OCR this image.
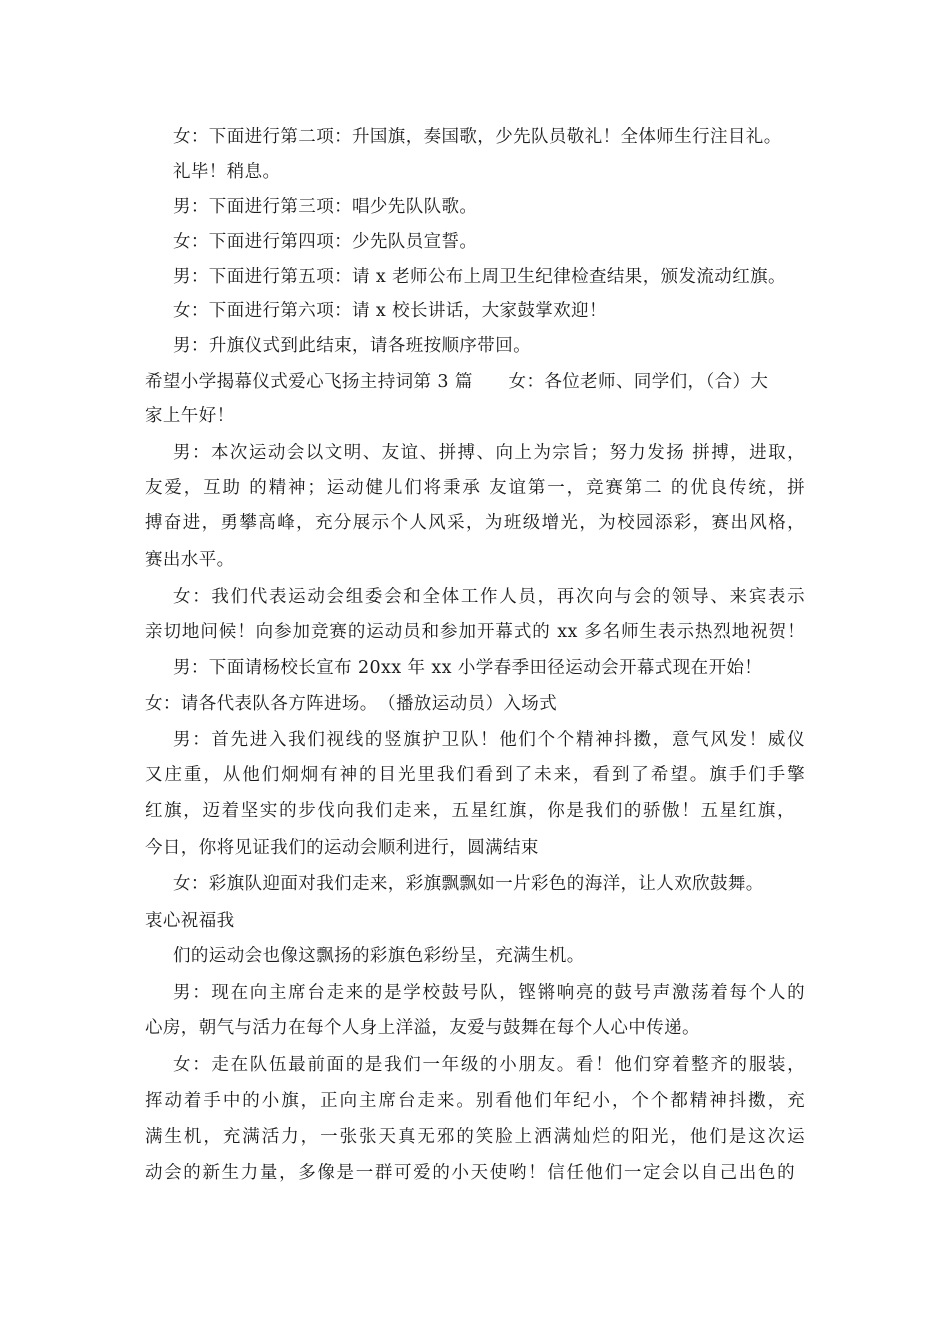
女：下面进行第二项：升国旗，奏国歌，少先队员敬礼！全体师生行注目礼。
礼毕！稍息。
男：下面进行第三项：唱少先队队歌。
女：下面进行第四项：少先队员宣誓。
男：下面进行第五项：请 x 老师公布上周卫生纪律检查结果，颁发流动红旗。
女：下面进行第六项：请 x 校长讲话，大家鼓掌欢迎！
男：升旗仪式到此结束，请各班按顺序带回。
希望小学揭幕仪式爱心飞扬主持词第 3 篇　　女：各位老师、同学们，（合）大
家上午好！
男：本次运动会以文明、友谊、拼搏、向上为宗旨；努力发扬 拼搏，进取，
友爱，互助 的精神；运动健儿们将秉承 友谊第一，竞赛第二 的优良传统，拼
搏奋进，勇攀高峰，充分展示个人风采，为班级增光，为校园添彩，赛出风格，
赛出水平。
女：我们代表运动会组委会和全体工作人员，再次向与会的领导、来宾表示
亲切地问候！向参加竞赛的运动员和参加开幕式的 xx 多名师生表示热烈地祝贺！
男：下面请杨校长宣布 20xx 年 xx 小学春季田径运动会开幕式现在开始！
女：请各代表队各方阵进场。　（播放运动员）入场式
男：首先进入我们视线的竖旗护卫队！他们个个精神抖擞，意气风发！威仪
又庄重，从他们炯炯有神的目光里我们看到了未来，看到了希望。旗手们手擎
红旗，迈着坚实的步伐向我们走来，五星红旗，你是我们的骄傲！五星红旗，
今日，你将见证我们的运动会顺利进行，圆满结束
女：彩旗队迎面对我们走来，彩旗飘飘如一片彩色的海洋，让人欢欣鼓舞。
衷心祝福我
们的运动会也像这飘扬的彩旗色彩纷呈，充满生机。
男：现在向主席台走来的是学校鼓号队，铿锵响亮的鼓号声激荡着每个人的
心房，朝气与活力在每个人身上洋溢，友爱与鼓舞在每个人心中传递。
女：走在队伍最前面的是我们一年级的小朋友。看！他们穿着整齐的服装，
挥动着手中的小旗，正向主席台走来。别看他们年纪小，个个都精神抖擞，充
满生机，充满活力，一张张天真无邪的笑脸上洒满灿烂的阳光，他们是这次运
动会的新生力量，多像是一群可爱的小天使哟！信任他们一定会以自己出色的
